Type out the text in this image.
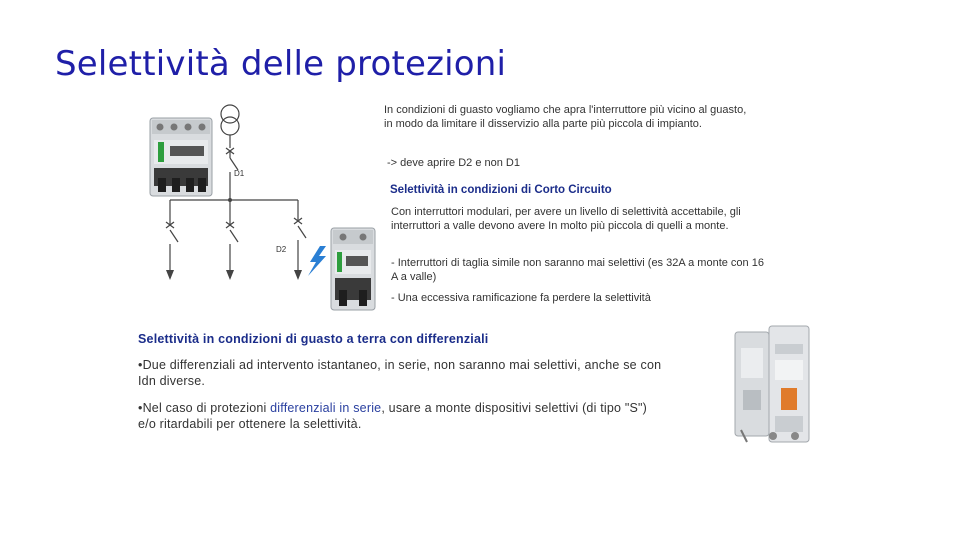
Selettività delle protezioni
D1
D2
In condizioni di guasto vogliamo che apra l'interruttore più vicino al guasto, in modo da limitare il disservizio alla parte più piccola di impianto.
-> deve aprire D2 e non D1
Selettività in condizioni di Corto Circuito
Con interruttori modulari, per avere un livello di selettività accettabile, gli interruttori a valle devono avere In molto più piccola di quelli a monte.
- Interruttori di taglia simile non saranno mai selettivi (es 32A a monte con 16 A a valle)
- Una eccessiva ramificazione fa perdere la selettività
Selettività in condizioni di guasto a terra con differenziali
•Due differenziali ad intervento istantaneo, in serie, non saranno mai selettivi, anche se con Idn diverse.
•Nel caso di protezioni differenziali in serie, usare a monte dispositivi selettivi (di tipo "S") e/o ritardabili per ottenere la selettività.
